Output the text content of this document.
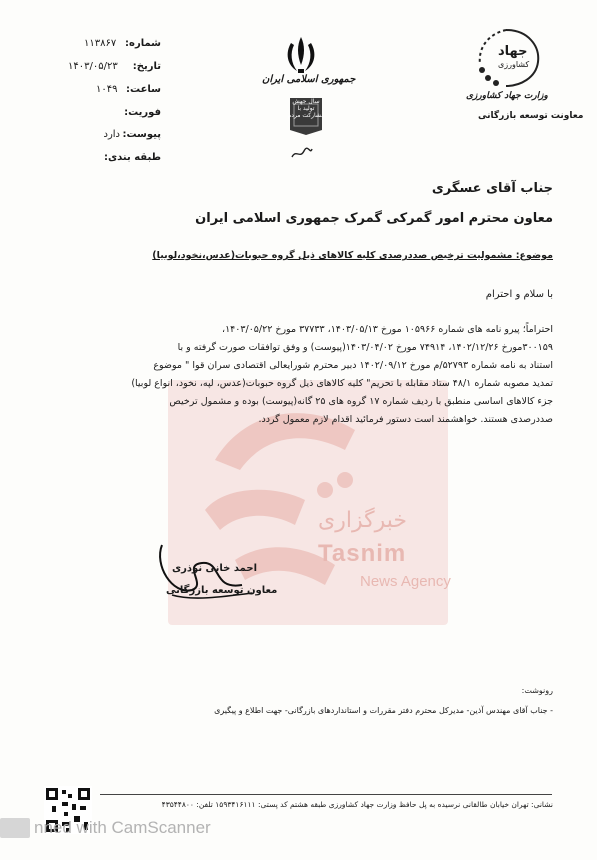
خبرگزاری
Tasnim
News Agency
شماره:
۱۱۳۸۶۷
تاریخ:
۱۴۰۳/۰۵/۲۳
ساعت:
۱۰۴۹
فوریت:
پیوست:
دارد
طبقه بندی:
جمهوری اسلامی ایران
سال جهش تولید با مشارکت مردم
جهاد
کشاورزی
وزارت جهاد کشاورزی
معاونت توسعه بازرگانی
جناب آقای عسگری
معاون محترم امور گمرکی گمرک جمهوری اسلامی ایران
موضوع: مشمولیت ترخیص صددرصدی کلیه کالاهای ذیل گروه حبوبات(عدس،نخود،لوبیا)
با سلام و احترام
احتراماً؛ پیرو نامه های شماره ۱۰۵۹۶۶ مورخ ۱۴۰۳/۰۵/۱۳، ۳۷۷۳۳ مورخ ۱۴۰۳/۰۵/۲۲،
۳۰۰۱۵۹مورخ ۱۴۰۲/۱۲/۲۶، ۷۴۹۱۴ مورخ ۱۴۰۳/۰۴/۰۲(پیوست) و وفق توافقات صورت گرفته و با
استناد به نامه شماره ۵۲۷۹۳/م مورخ ۱۴۰۲/۰۹/۱۲ دبیر محترم شورایعالی اقتصادی سران قوا " موضوع
تمدید مصوبه شماره ۴۸/۱ ستاد مقابله با تحریم" کلیه کالاهای ذیل گروه حبوبات(عدس، لپه، نخود، انواع لوبیا)
جزء کالاهای اساسی منطبق با ردیف شماره ۱۷ گروه های ۲۵ گانه(پیوست) بوده و مشمول ترخیص
صددرصدی هستند. خواهشمند است دستور فرمائید اقدام لازم معمول گردد.
احمد خانی نوذری
معاون توسعه بازرگانی
رونوشت:
- جناب آقای مهندس آذین- مدیرکل محترم دفتر مقررات و استانداردهای بازرگانی- جهت اطلاع و پیگیری
نشانی: تهران خیابان طالقانی نرسیده به پل حافظ وزارت جهاد کشاورزی طبقه هشتم کد پستی: ۱۵۹۳۴۱۶۱۱۱ تلفن: ۴۳۵۴۴۸۰۰
nned with CamScanner
